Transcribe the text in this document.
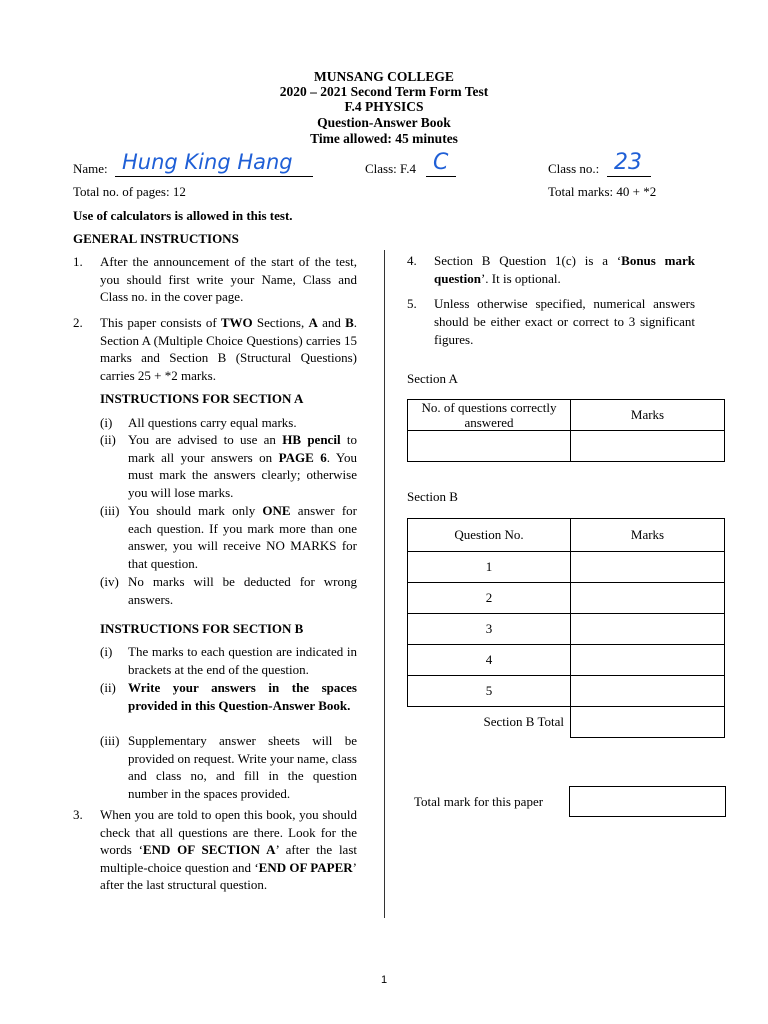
MUNSANG COLLEGE
2020 – 2021 Second Term Form Test
F.4 PHYSICS
Question-Answer Book
Time allowed: 45 minutes
Name: Hung King Hang	Class: F.4 C	Class no.: 23
Total no. of pages: 12	Total marks: 40 + *2
Use of calculators is allowed in this test.
GENERAL INSTRUCTIONS
1. After the announcement of the start of the test, you should first write your Name, Class and Class no. in the cover page.
2. This paper consists of TWO Sections, A and B. Section A (Multiple Choice Questions) carries 15 marks and Section B (Structural Questions) carries 25 + *2 marks.
INSTRUCTIONS FOR SECTION A
(i) All questions carry equal marks.
(ii) You are advised to use an HB pencil to mark all your answers on PAGE 6. You must mark the answers clearly; otherwise you will lose marks.
(iii) You should mark only ONE answer for each question. If you mark more than one answer, you will receive NO MARKS for that question.
(iv) No marks will be deducted for wrong answers.
INSTRUCTIONS FOR SECTION B
(i) The marks to each question are indicated in brackets at the end of the question.
(ii) Write your answers in the spaces provided in this Question-Answer Book.
(iii) Supplementary answer sheets will be provided on request. Write your name, class and class no, and fill in the question number in the spaces provided.
3. When you are told to open this book, you should check that all questions are there. Look for the words ‘END OF SECTION A’ after the last multiple-choice question and ‘END OF PAPER’ after the last structural question.
4. Section B Question 1(c) is a ‘Bonus mark question’. It is optional.
5. Unless otherwise specified, numerical answers should be either exact or correct to 3 significant figures.
Section A
No. of questions correctly answered	Marks

Section B
Question No.	Marks
1	
2	
3	
4	
5	
Section B Total	
Total mark for this paper
1
